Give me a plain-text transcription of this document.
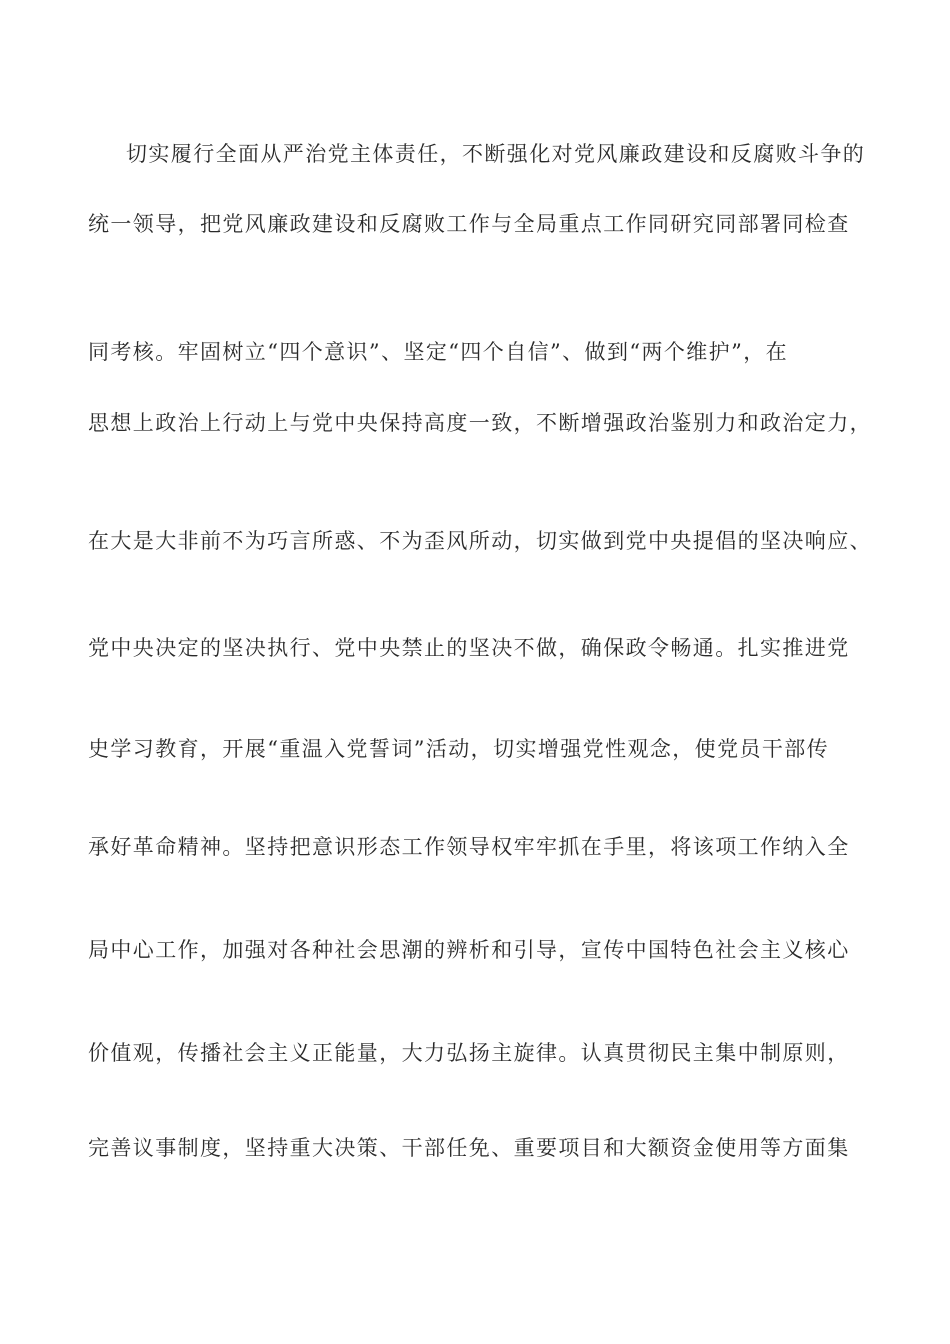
切实履行全面从严治党主体责任，不断强化对党风廉政建设和反腐败斗争的
统一领导，把党风廉政建设和反腐败工作与全局重点工作同研究同部署同检查
同考核。牢固树立“四个意识”、坚定“四个自信”、做到“两个维护”，在
思想上政治上行动上与党中央保持高度一致，不断增强政治鉴别力和政治定力，
在大是大非前不为巧言所惑、不为歪风所动，切实做到党中央提倡的坚决响应、
党中央决定的坚决执行、党中央禁止的坚决不做，确保政令畅通。扎实推进党
史学习教育，开展“重温入党誓词”活动，切实增强党性观念，使党员干部传
承好革命精神。坚持把意识形态工作领导权牢牢抓在手里，将该项工作纳入全
局中心工作，加强对各种社会思潮的辨析和引导，宣传中国特色社会主义核心
价值观，传播社会主义正能量，大力弘扬主旋律。认真贯彻民主集中制原则，
完善议事制度，坚持重大决策、干部任免、重要项目和大额资金使用等方面集
